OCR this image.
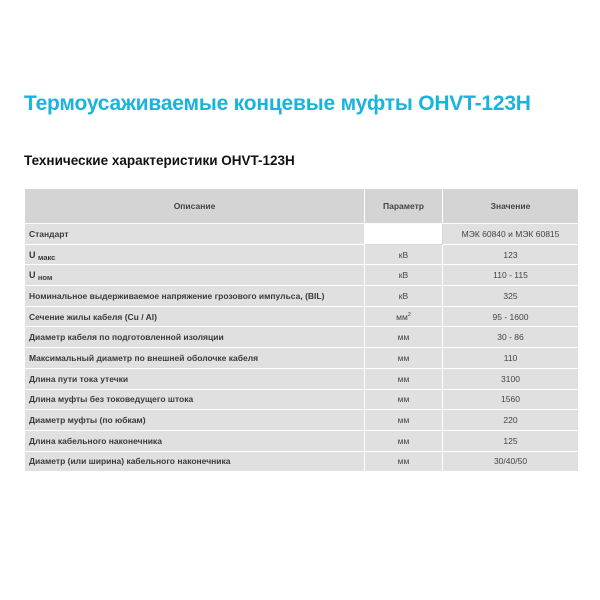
Термоусаживаемые концевые муфты OHVT-123H
Технические характеристики OHVT-123H
Описание	Параметр	Значение
Стандарт		МЭК 60840 и МЭК 60815
U макс	кВ	123
U ном	кВ	110 - 115
Номинальное выдерживаемое напряжение грозового импульса, (BIL)	кВ	325
Сечение жилы кабеля (Cu / Al)	$мм^2$	95 - 1600
Диаметр кабеля по подготовленной изоляции	мм	30 - 86
Максимальный диаметр по внешней оболочке кабеля	мм	110
Длина пути тока утечки	мм	3100
Длина муфты без токоведущего штока	мм	1560
Диаметр муфты (по юбкам)	мм	220
Длина кабельного наконечника	мм	125
Диаметр (или ширина) кабельного наконечника	мм	30/40/50
